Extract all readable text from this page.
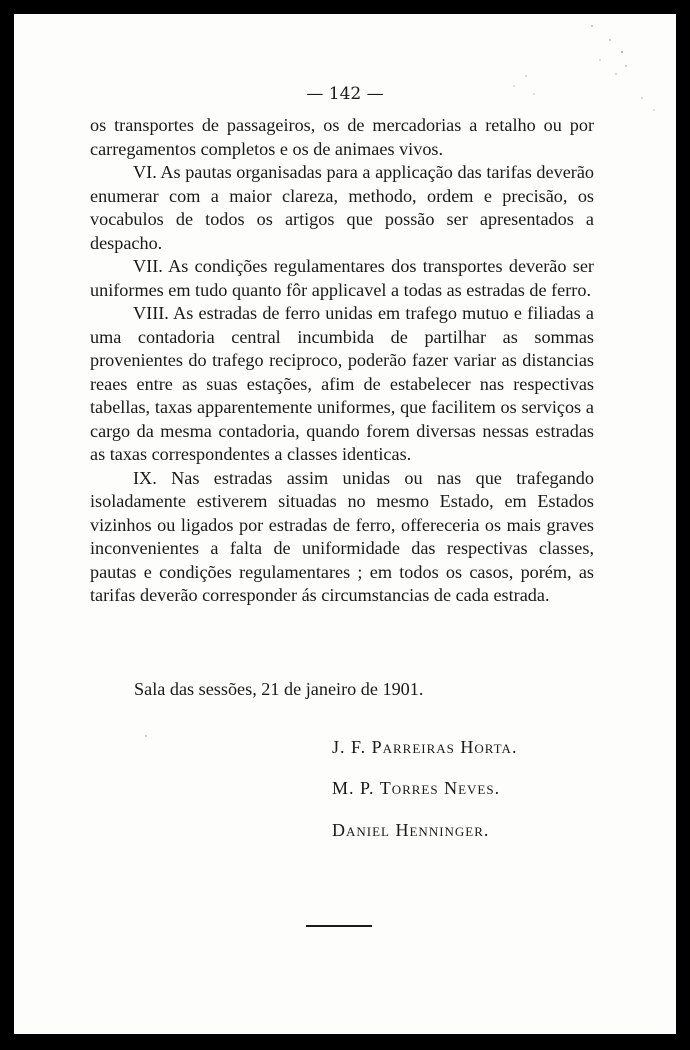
— 142 —

os transportes de passageiros, os de mercadorias a retalho ou por carregamentos completos e os de animaes vivos.

VI. As pautas organisadas para a applicação das tarifas deverão enumerar com a maior clareza, methodo, ordem e precisão, os vocabulos de todos os artigos que possão ser apresentados a despacho.

VII. As condições regulamentares dos transportes deverão ser uniformes em tudo quanto fôr applicavel a todas as estradas de ferro.

VIII. As estradas de ferro unidas em trafego mutuo e filiadas a uma contadoria central incumbida de partilhar as sommas provenientes do trafego reciproco, poderão fazer variar as distancias reaes entre as suas estações, afim de estabelecer nas respectivas tabellas, taxas apparentemente uniformes, que facilitem os serviços a cargo da mesma contadoria, quando forem diversas nessas estradas as taxas correspondentes a classes identicas.

IX. Nas estradas assim unidas ou nas que trafegando isoladamente estiverem situadas no mesmo Estado, em Estados vizinhos ou ligados por estradas de ferro, offereceria os mais graves inconvenientes a falta de uniformidade das respectivas classes, pautas e condições regulamentares ; em todos os casos, porém, as tarifas deverão corresponder ás circumstancias de cada estrada.

Sala das sessões, 21 de janeiro de 1901.
J. F. Parreiras Horta.
M. P. Torres Neves.
Daniel Henninger.
